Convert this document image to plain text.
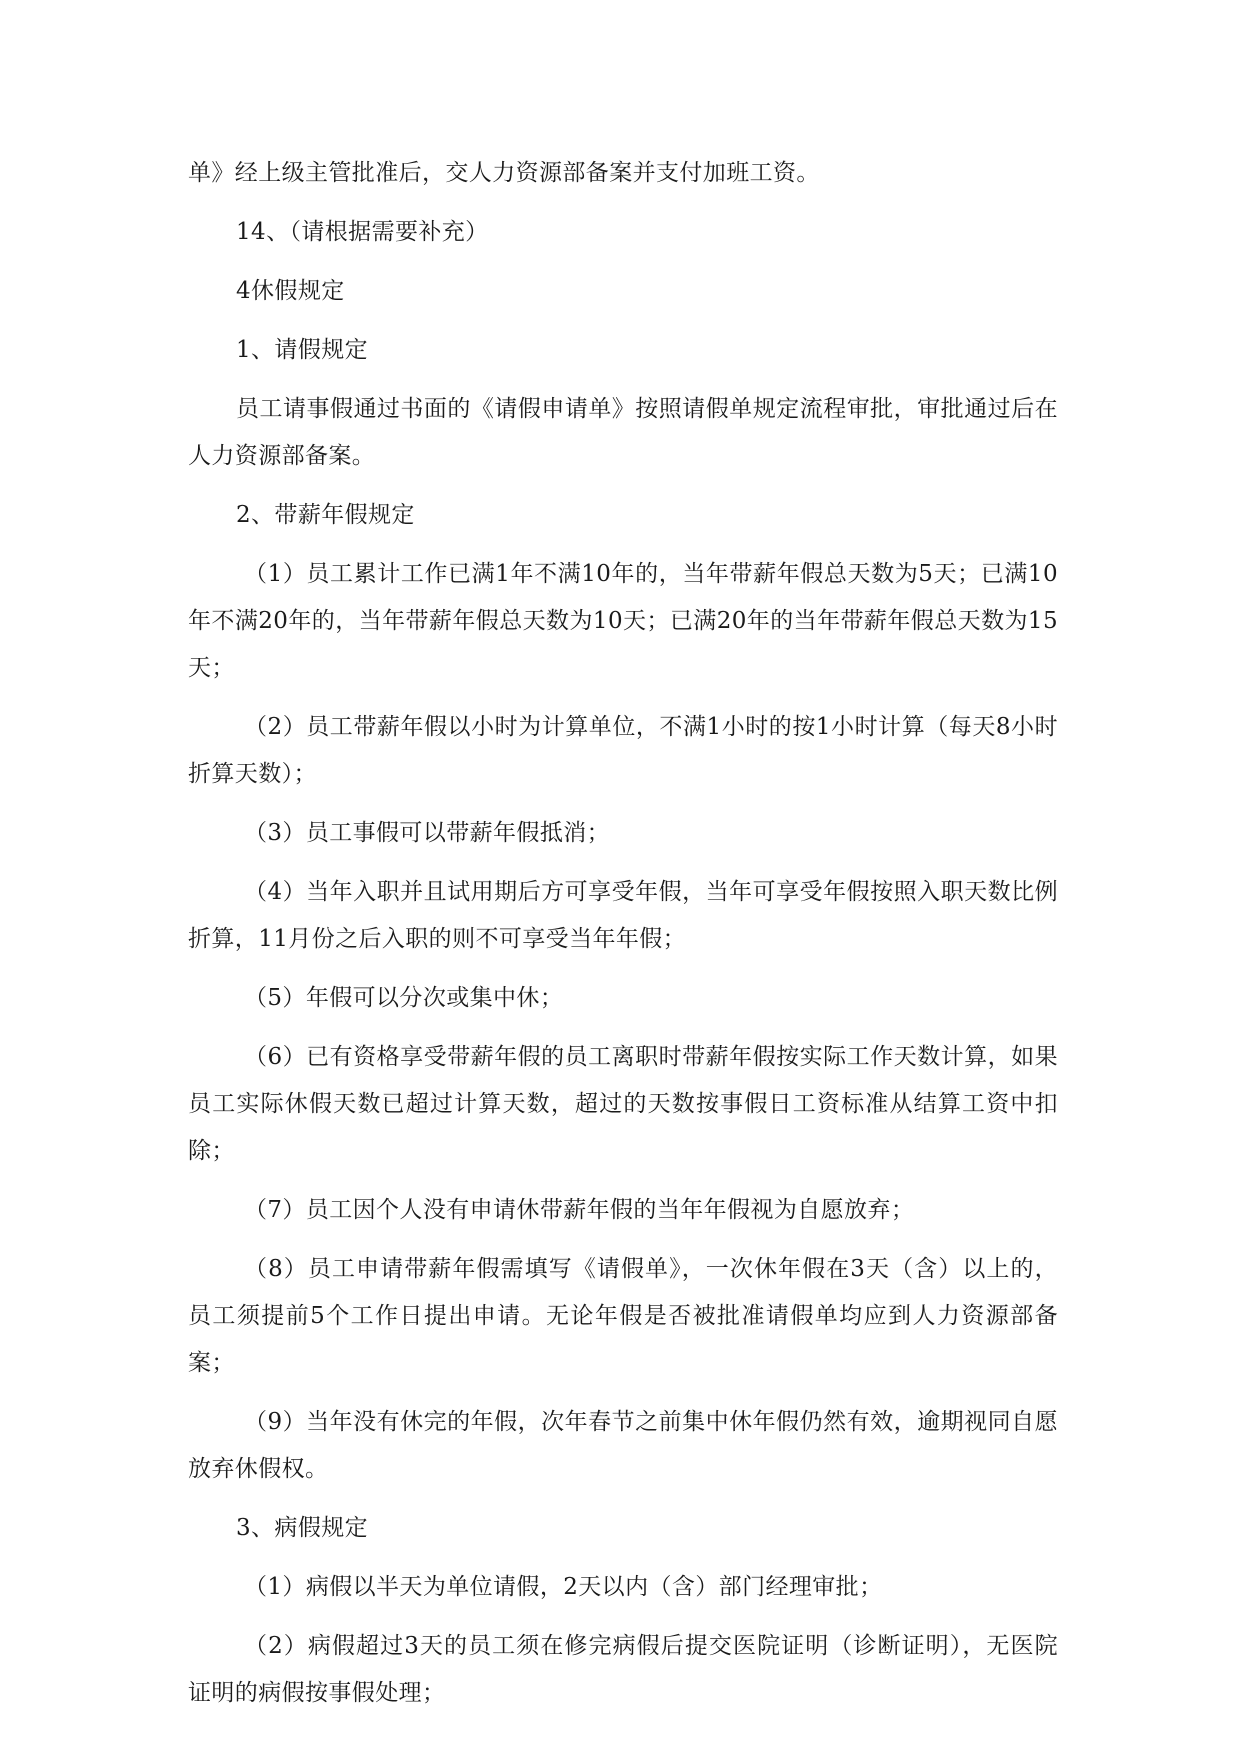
单》经上级主管批准后，交人力资源部备案并支付加班工资。

14、（请根据需要补充）

4休假规定

1、请假规定

员工请事假通过书面的《请假申请单》按照请假单规定流程审批，审批通过后在人力资源部备案。

2、带薪年假规定

（1）员工累计工作已满1年不满10年的，当年带薪年假总天数为5天；已满10年不满20年的，当年带薪年假总天数为10天；已满20年的当年带薪年假总天数为15天；

（2）员工带薪年假以小时为计算单位，不满1小时的按1小时计算（每天8小时折算天数）；

（3）员工事假可以带薪年假抵消；

（4）当年入职并且试用期后方可享受年假，当年可享受年假按照入职天数比例折算，11月份之后入职的则不可享受当年年假；

（5）年假可以分次或集中休；

（6）已有资格享受带薪年假的员工离职时带薪年假按实际工作天数计算，如果员工实际休假天数已超过计算天数，超过的天数按事假日工资标准从结算工资中扣除；

（7）员工因个人没有申请休带薪年假的当年年假视为自愿放弃；

（8）员工申请带薪年假需填写《请假单》，一次休年假在3天（含）以上的，员工须提前5个工作日提出申请。无论年假是否被批准请假单均应到人力资源部备案；

（9）当年没有休完的年假，次年春节之前集中休年假仍然有效，逾期视同自愿放弃休假权。

3、病假规定

（1）病假以半天为单位请假，2天以内（含）部门经理审批；

（2）病假超过3天的员工须在修完病假后提交医院证明（诊断证明），无医院证明的病假按事假处理；
